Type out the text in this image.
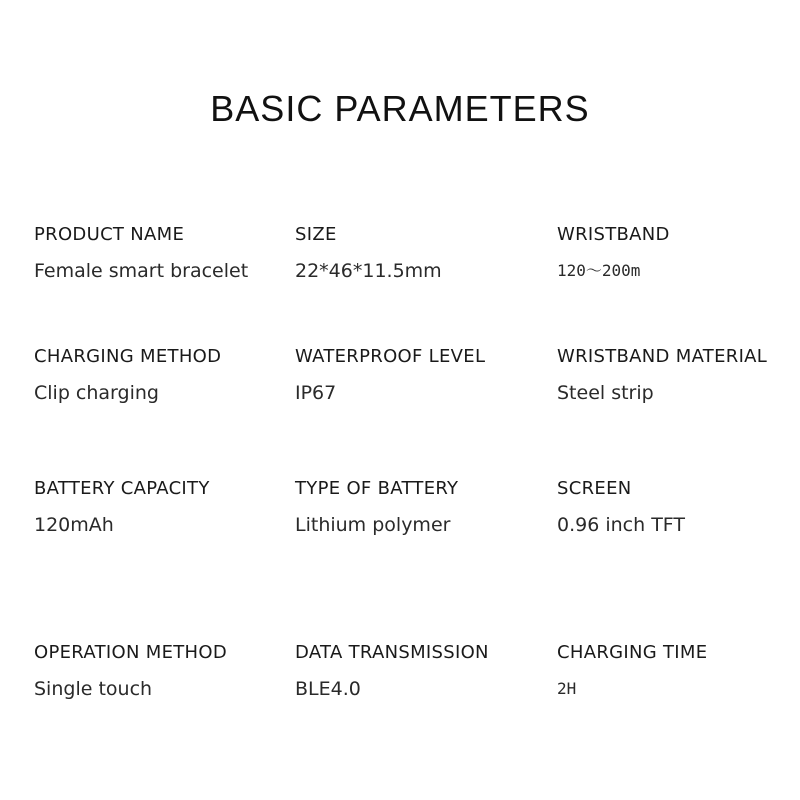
BASIC PARAMETERS
PRODUCT NAME
Female smart bracelet
SIZE
22*46*11.5mm
WRISTBAND
120～200m
CHARGING METHOD
Clip charging
WATERPROOF LEVEL
IP67
WRISTBAND MATERIAL
Steel strip
BATTERY CAPACITY
120mAh
TYPE OF BATTERY
Lithium polymer
SCREEN
0.96 inch TFT
OPERATION METHOD
Single touch
DATA TRANSMISSION
BLE4.0
CHARGING TIME
2H
